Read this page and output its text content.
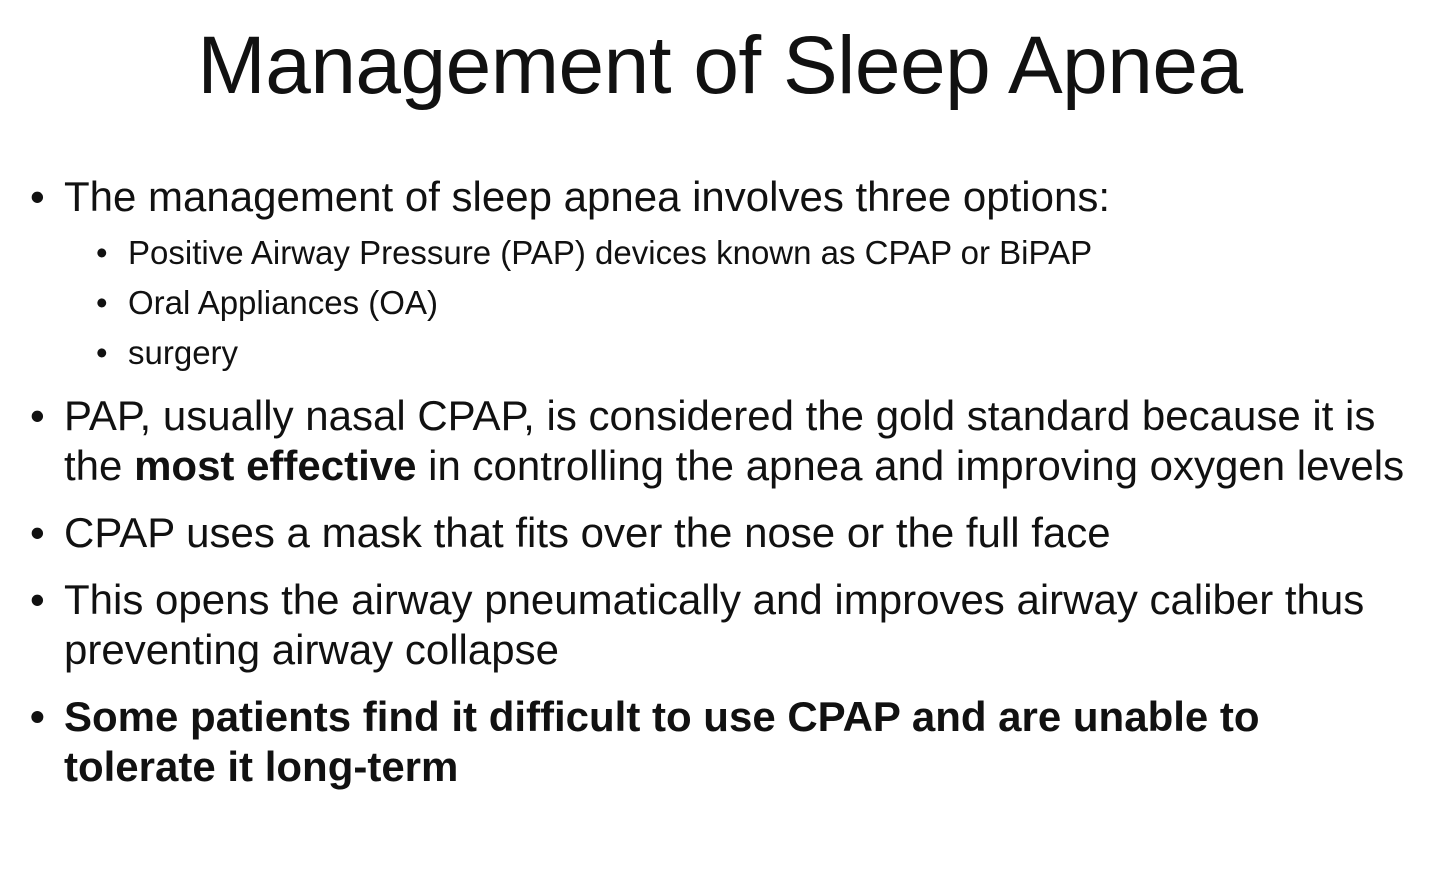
Management of Sleep Apnea
• The management of sleep apnea involves three options:
• Positive Airway Pressure (PAP) devices known as CPAP or BiPAP
• Oral Appliances (OA)
• surgery
• PAP, usually nasal CPAP, is considered the gold standard because it is the most effective in controlling the apnea and improving oxygen levels
• CPAP uses a mask that fits over the nose or the full face
• This opens the airway pneumatically and improves airway caliber thus preventing airway collapse
• Some patients find it difficult to use CPAP and are unable to tolerate it long-term
